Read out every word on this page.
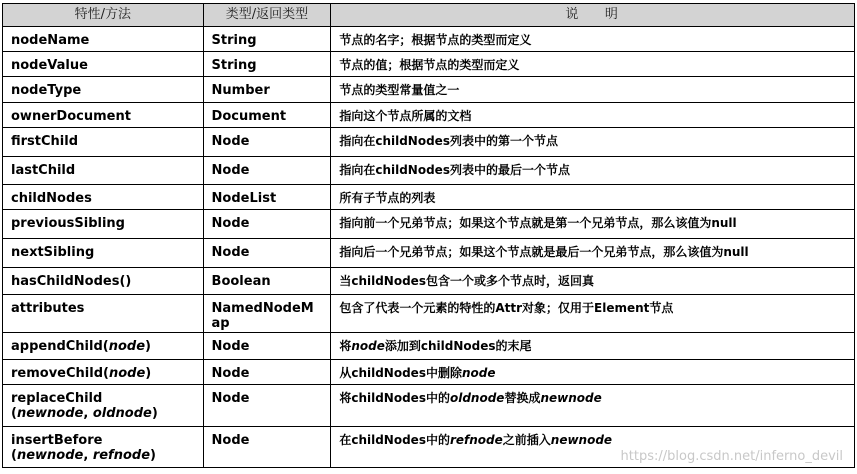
特性/方法	类型/返回类型	说    明
nodeName	String	节点的名字；根据节点的类型而定义
nodeValue	String	节点的值；根据节点的类型而定义
nodeType	Number	节点的类型常量值之一
ownerDocument	Document	指向这个节点所属的文档
firstChild	Node	指向在childNodes列表中的第一个节点
lastChild	Node	指向在childNodes列表中的最后一个节点
childNodes	NodeList	所有子节点的列表
previousSibling	Node	指向前一个兄弟节点；如果这个节点就是第一个兄弟节点，那么该值为null
nextSibling	Node	指向后一个兄弟节点；如果这个节点就是最后一个兄弟节点，那么该值为null
hasChildNodes()	Boolean	当childNodes包含一个或多个节点时，返回真
attributes	NamedNodeMap	包含了代表一个元素的特性的Attr对象；仅用于Element节点
appendChild(node)	Node	将node添加到childNodes的末尾
removeChild(node)	Node	从childNodes中删除node
replaceChild
(newnode, oldnode)	Node	将childNodes中的oldnode替换成newnode
insertBefore
(newnode, refnode)	Node	在childNodes中的refnode之前插入newnode
https://blog.csdn.net/inferno_devil
